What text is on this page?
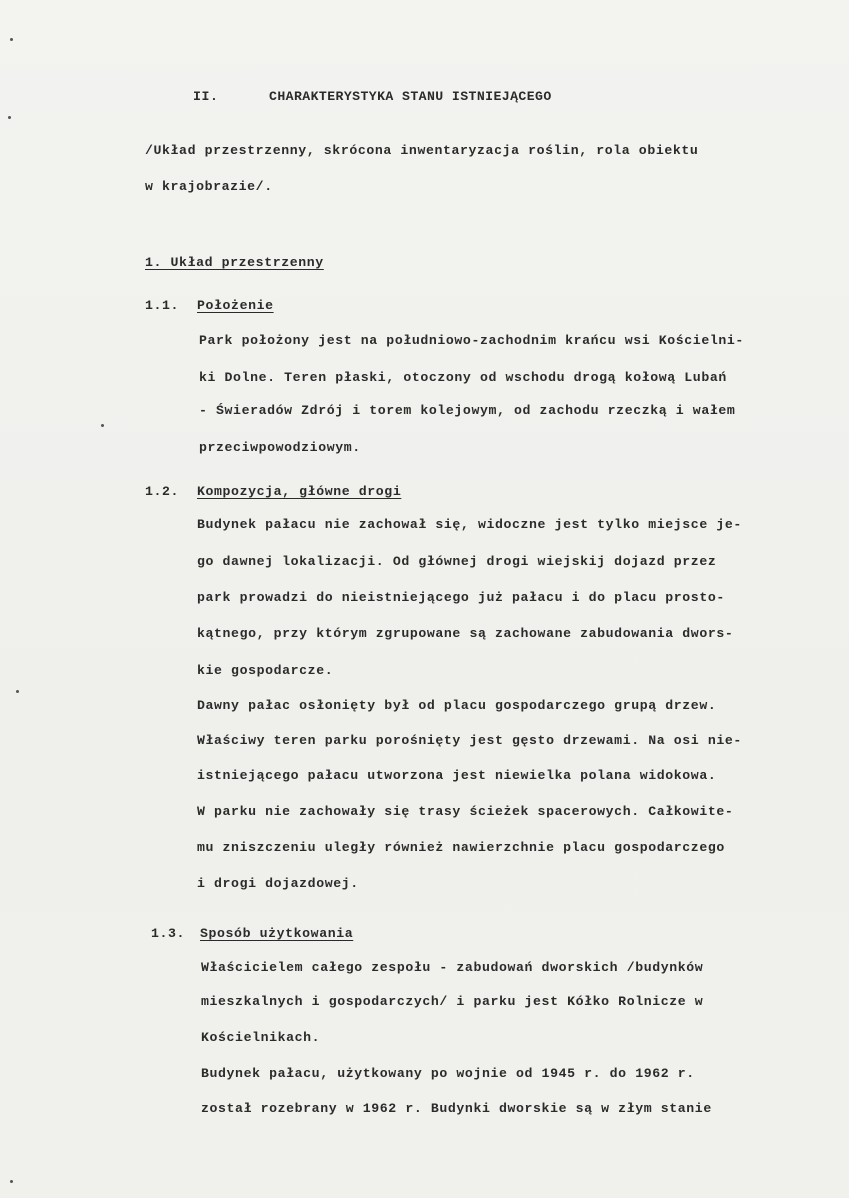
II.	CHARAKTERYSTYKA STANU ISTNIEJĄCEGO
/Układ przestrzenny, skrócona inwentaryzacja roślin, rola obiektu
w krajobrazie/.
1. Układ przestrzenny
1.1. Położenie
Park położony jest na południowo-zachodnim krańcu wsi Kościelni-
ki Dolne. Teren płaski, otoczony od wschodu drogą kołową Lubań
- Świeradów Zdrój i torem kolejowym, od zachodu rzeczką i wałem
przeciwpowodziowym.
1.2. Kompozycja, główne drogi
Budynek pałacu nie zachował się, widoczne jest tylko miejsce je-
go dawnej lokalizacji. Od głównej drogi wiejskij dojazd przez
park prowadzi do nieistniejącego już pałacu i do placu prosto-
kątnego, przy którym zgrupowane są zachowane zabudowania dwors-
kie gospodarcze.
Dawny pałac osłonięty był od placu gospodarczego grupą drzew.
Właściwy teren parku porośnięty jest gęsto drzewami. Na osi nie-
istniejącego pałacu utworzona jest niewielka polana widokowa.
W parku nie zachowały się trasy ścieżek spacerowych. Całkowite-
mu zniszczeniu uległy również nawierzchnie placu gospodarczego
i drogi dojazdowej.
1.3. Sposób użytkowania
Właścicielem całego zespołu - zabudowań dworskich /budynków
mieszkalnych i gospodarczych/ i parku jest Kółko Rolnicze w
Kościelnikach.
Budynek pałacu, użytkowany po wojnie od 1945 r. do 1962 r.
został rozebrany w 1962 r. Budynki dworskie są w złym stanie
